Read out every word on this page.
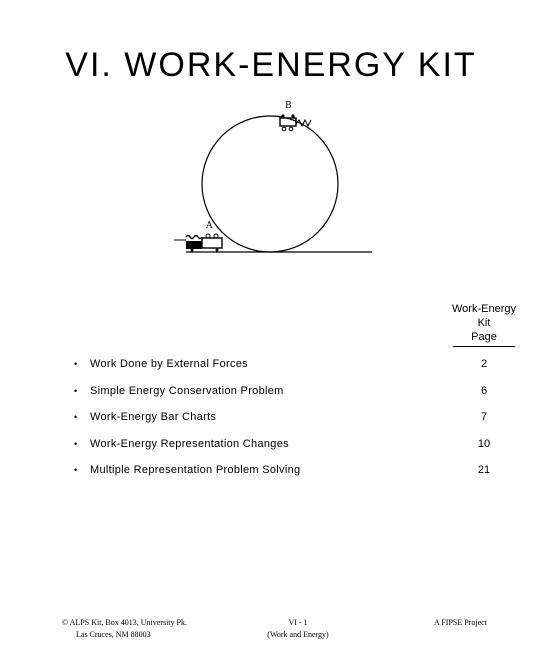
VI. WORK-ENERGY KIT
A
B
Work-Energy
Kit
Page
• Work Done by External Forces	2
• Simple Energy Conservation Problem	6
• Work-Energy Bar Charts	7
• Work-Energy Representation Changes	10
• Multiple Representation Problem Solving	21
© ALPS Kit, Box 4013, University Pk.
Las Cruces, NM 88003
VI - 1
(Work and Energy)
A FIPSE Project
